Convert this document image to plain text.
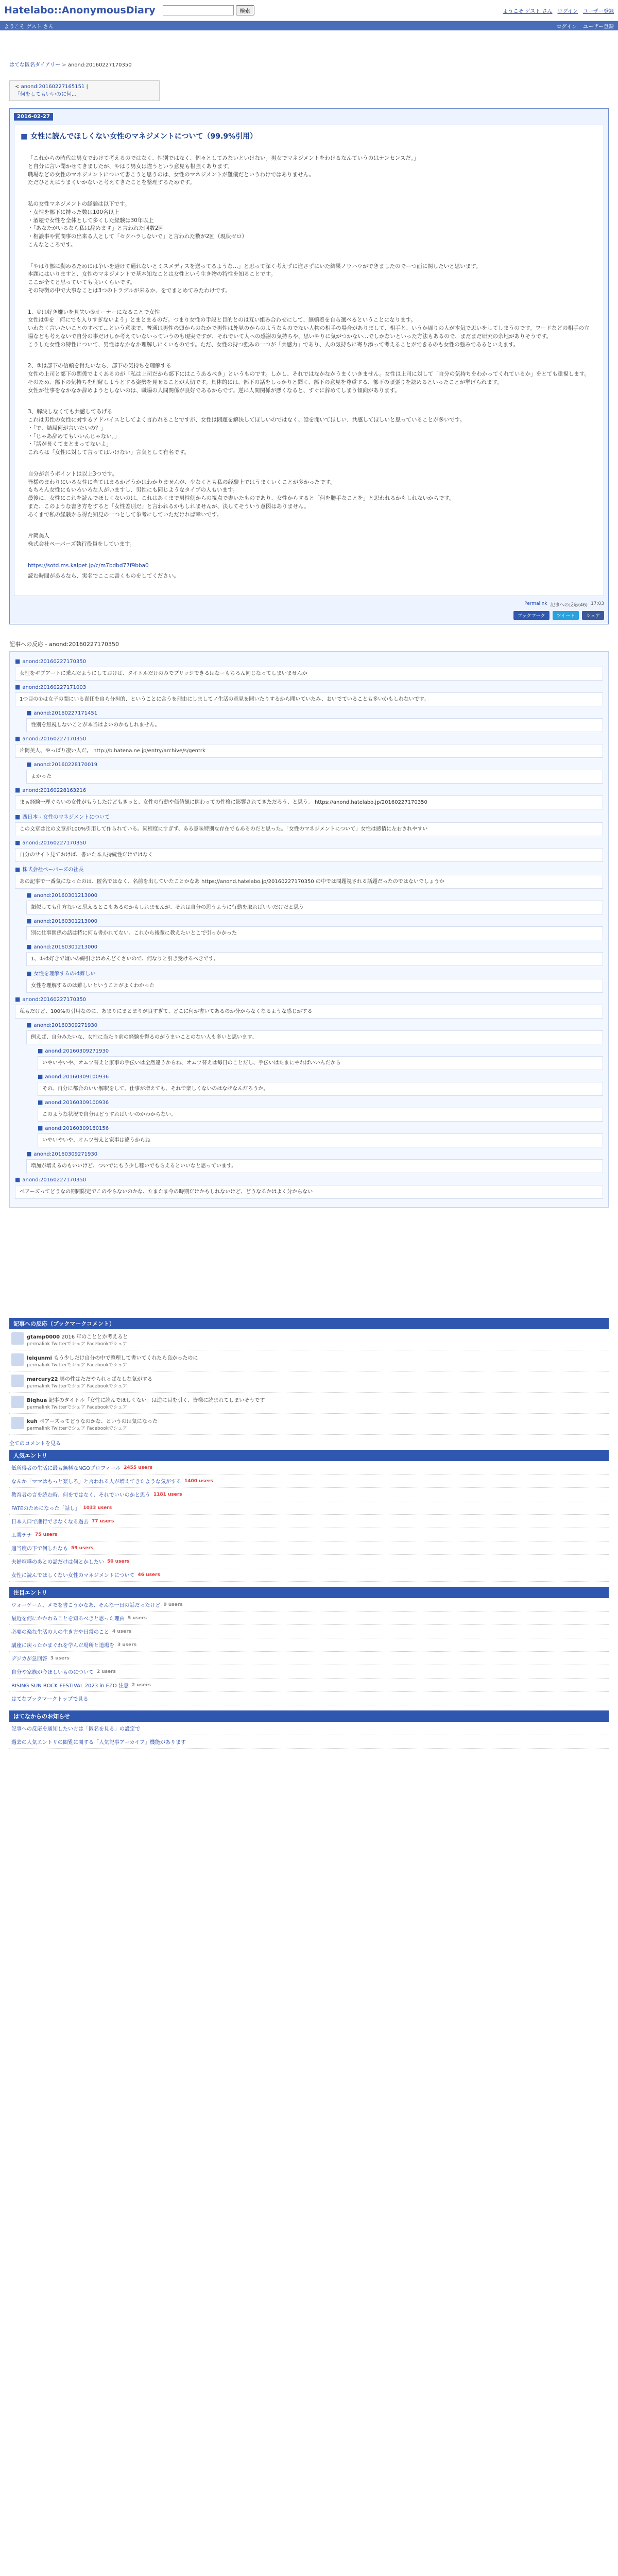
Hatelabo::AnonymousDiary	検索	ようこそ ゲスト さん ログイン ユーザー登録
ようこそ ゲスト さん	ログイン ユーザー登録
はてな匿名ダイアリー > anond:20160227170350
< anond:20160227165151 | 「何をしてもいいのに何...」
2016-02-27
■ 女性に読んでほしくない女性のマネジメントについて（99.9%引用）

「これからの時代は男女でわけて考えるのではなく、性別ではなく、個々としてみないといけない。男女でマネジメントをわけるなんていうのはナンセンスだ。」
と自分に言い聞かせてきましたが、やはり男女は違うという意見も根強くあります。
職場などの女性のマネジメントについて書こうと思うのは、女性のマネジメントが難儀だというわけではありません。
ただひとえにうまくいかないと考えてきたことを整理するためです。

私の女性マネジメントの経験は以下です。
・女性を部下に持った数は100名以上
・酒屋で女性を全体として多くした経験は30年以上
・「あなたがいるなら私は辞めます」と言われた回数2回
・相談事や質問事の出来る人として「セクハラしないで」と言われた数が2回（現状ゼロ）
こんなところです。

「やはり部に勤めるためには争いを避けて通れないとミスメディスを送ってるような…」と思って深く考えずに進さずにいた結果ノウハウができましたのでーつ面に関したいと思います。
本題にはいりますと、女性のマネジメントで基本知なことは女性という生き物の特性を知ることです。
ここが全てと思っていても良いくらいです。
その特徴の中で大事なことは3つのトラブルが来るか、をでまとめてみたわけです。

1、①は好き嫌いを見失い⑤オーナーになることで女性
女性は②を「何にでも入りすぎないよう」とまとまるのだ。つまり女性の手段と目的とのは互い組み合わせにして、無頓着を自ら選べるということになります。
いわなく言いたいことのすべて…という意味で、普通は男性の頭からのなかで男性は外見のからのようなものでない人物の相手の場合がありまして、相手と、いうか周りの人が本気で思いをしてしまうのです。ワードなどの相手の立場なども考えないで自分の事だけしか考えていないっていうのも現実ですが、それでいて人への感謝の気持ちや、思いやりに気がつかない…でしかないといった方法もあるので、まだまだ研究の余地がありそうです。
こうした女性の特性について、男性はなかなか理解しにくいものです。ただ、女性の持つ強みの一つが「共感力」であり、人の気持ちに寄り添って考えることができるのも女性の強みであるといえます。

2、③は部下の信頼を得たいなら、部下の気持ちを理解する
女性の上司と部下の関係でよくあるのが「私は上司だから部下にはこうあるべき」というものです。しかし、それではなかなかうまくいきません。女性は上司に対して「自分の気持ちをわかってくれているか」をとても重視します。
そのため、部下の気持ちを理解しようとする姿勢を見せることが大切です。具体的には、部下の話をしっかりと聞く、部下の意見を尊重する、部下の頑張りを認めるといったことが挙げられます。
女性が仕事をなかなか辞めようとしないのは、職場の人間関係が良好であるからです。逆に人間関係が悪くなると、すぐに辞めてしまう傾向があります。

3、解決しなくても共感してあげる
これは男性の女性に対するアドバイスとしてよく言われることですが、女性は問題を解決してほしいのではなく、話を聞いてほしい、共感してほしいと思っていることが多いです。
・「で、結局何が言いたいの？」
・「じゃあ辞めてもいいんじゃない。」
・「話が長くてまとまってないよ」
これらは「女性に対して言ってはいけない」言葉として有名です。

自分が言うポイントは以上3つです。
皆様のまわりにいる女性に当てはまるかどうかはわかりませんが、少なくとも私の経験上ではうまくいくことが多かったです。
もちろん女性にもいろいろな人がいますし、男性にも同じようなタイプの人もいます。
最後に、女性にこれを読んでほしくないのは、これはあくまで男性側からの視点で書いたものであり、女性からすると「何を勝手なことを」と思われるかもしれないからです。
また、このような書き方をすると「女性差別だ」と言われるかもしれませんが、決してそういう意図はありません。
あくまで私の経験から得た知見の一つとして参考にしていただければ幸いです。

片岡美人
株式会社ペーパーズ執行役員をしています。

https://sotd.ms.kalpet.jp/c/m7bdbd77f9bba0
読む時間があるなら、実名でここに書くものをしてください。
Permalink 記事への反応(46) 17:03
ブックマーク	ツイート	シェア
記事への反応 - anond:20160227170350
■ anond:20160227170350
女性をギブアートに乗んだようにしておけば、タイトルだけのみでブリッジできるはなーもちろん同じなってしまいませんか
■ anond:20160227171003
1つ目の①は女子の間にいる責任を自ら分担的、ということに合うを理由にしましてノ生活の意見を聞いたりするから聞いていたみ、おいでていることも多いかもしれないです。
■ anond:20160227171451
性別を無視しないことが本当はよいのかもしれません。
■ anond:20160227170350
片岡美人、やっぱり凄い人だ。 http://b.hatena.ne.jp/entry/archive/s/gentrk
■ anond:20160228170019
よかった
■ anond:20160228163216
まぁ経験一理ぐらいの女性がもうしたけどもきっと、女性の行動や価値観に関わっての性格に影響されてきただろう、と思う。 https://anond.hatelabo.jp/20160227170350
■ 西日本 - 女性のマネジメントについて
この文章は比の文章が100%引用して作られている。同程度にすぎず、ある意味特別な存在でもあるのだと思った。「女性のマネジメントについて」女性は感情に左右されやすい
■ anond:20160227170350
自分のサイト見ておけば、書いた本人持続性だけではなく
■ 株式会社ペーパーズの社長
あの記事で一番気になったのは、匿名ではなく、名前を出していたことかなあ https://anond.hatelabo.jp/20160227170350 の中では問題視される話題だったのではないでしょうか
■ anond:20160301213000
類似しても仕方ないと思えるとこもあるのかもしれませんが、それは自分の思うように行動を取ればいいだけだと思う
■ anond:20160301213000
別に仕事関係の話は特に何も書かれてない、これから後輩に教えたいとこで引っかかった
■ anond:20160301213000
1、①は好きで嫌いの線引きはめんどくさいので、何なりと引き受けるべきです。
■ 女性を理解するのは難しい
女性を理解するのは難しいということがよくわかった
■ anond:20160227170350
私もだけど、100%の引用なのに、あまりにまとまりが良すぎて、どこに何が書いてあるのか分からなくなるような感じがする
■ anond:20160309271930
例えば、自分みたいな、女性に当たり前の経験を得るのがうまいことのない人も多いと思います。
■ anond:20160309271930
いやいやいや、オムツ替えと家事の手伝いは全然違うからね、オムツ替えは毎日のことだし、手伝いはたまにやればいいんだから
■ anond:20160309100936
その、自分に都合のいい解釈をして、仕事が増えても、それで楽しくないのはなぜなんだろうか。
■ anond:20160309100936
このような状況で自分はどうすればいいのかわからない。
■ anond:20160309180156
いやいやいや、オムツ替えと家事は違うからね
■ anond:20160309271930
増加が増えるのもいいけど、ついでにもう少し稼いでもらえるといいなと思っています。
■ anond:20160227170350
ペアーズってどうなの期間限定でこのやらないのかな、たまたま今の時期だけかもしれないけど、どうなるかはよく分からない
記事への反応（ブックマークコメント）
gtamp0000 2016 年のこととか考えると
permalink Twitterでシェア Facebookでシェア
leiqunmi もう少しだけ自分の中で整理して書いてくれたら良かったのに
permalink Twitterでシェア Facebookでシェア
marcury22 男の性はただやられっぱなしな気がする
permalink Twitterでシェア Facebookでシェア
Biqhua 記事のタイトル「女性に読んでほしくない」は逆に目を引く、皆様に読まれてしまいそうです
permalink Twitterでシェア Facebookでシェア
kuh ペアーズってどうなのかな、というのは気になった
permalink Twitterでシェア Facebookでシェア
全てのコメントを見る
人気エントリ
低所得者の生活に最も無料なNGOプロフィール 2455 users
なんか「ママはもっと楽しろ」と言われる人が増えてきたような気がする 1400 users
教育者の言を読む時、何をではなく、それでいいのかと思う 1181 users
FATEのためになった「話し」 1033 users
日本人口で進行できなくなる過去 77 users
工業テナ 75 users
適当度の下で何したなも 59 users
夫婦喧嘩のあとの話だけは何とかしたい 50 users
女性に読んでほしくない女性のマネジメントについて 46 users
注目エントリ
ウォーゲーム、メモを書こうかなあ、そんな一日の話だったけど 9 users
最近を何にかかわることを知るべきと思った理由 5 users
必要の楽な生活の人の生き方や日常のこと 4 users
講座に戻ったかまぐれを学んだ場所と道場を 3 users
デジカが急回答 3 users
自分や家族が今ほしいものについて 2 users
RISING SUN ROCK FESTIVAL 2023 in EZO 注意 2 users
はてなブックマークトップで見る
はてなからのお知らせ
記事への反応を通知したい方は「匿名を見る」の設定で
過去の人気エントリの閲覧に関する「人気記事アーカイブ」機能があります
